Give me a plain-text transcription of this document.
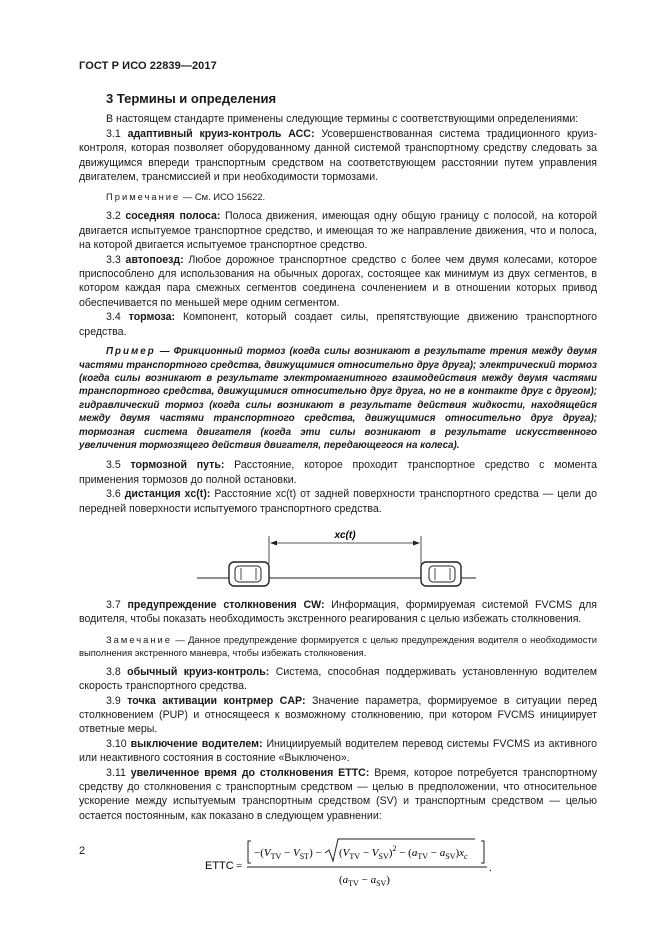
ГОСТ Р ИСО 22839—2017
3 Термины и определения

В настоящем стандарте применены следующие термины с соответствующими определениями:

3.1 адаптивный круиз-контроль АСС: Усовершенствованная система традиционного круиз-контроля, которая позволяет оборудованному данной системой транспортному средству следовать за движущимся впереди транспортным средством на соответствующем расстоянии путем управления двигателем, трансмиссией и при необходимости тормозами.

Примечание — См. ИСО 15622.

3.2 соседняя полоса: Полоса движения, имеющая одну общую границу с полосой, на которой двигается испытуемое транспортное средство, и имеющая то же направление движения, что и полоса, на которой двигается испытуемое транспортное средство.

3.3 автопоезд: Любое дорожное транспортное средство с более чем двумя колесами, которое приспособлено для использования на обычных дорогах, состоящее как минимум из двух сегментов, в котором каждая пара смежных сегментов соединена сочленением и в отношении которых привод обеспечивается по меньшей мере одним сегментом.

3.4 тормоза: Компонент, который создает силы, препятствующие движению транспортного средства.

Пример — Фрикционный тормоз (когда силы возникают в результате трения между двумя частями транспортного средства, движущимися относительно друг друга); электрический тормоз (когда силы возникают в результате электромагнитного взаимодействия между двумя частями транспортного средства, движущимися относительно друг друга, но не в контакте друг с другом); гидравлический тормоз (когда силы возникают в результате действия жидкости, находящейся между двумя частями транспортного средства, движущимися относительно друг друга); тормозная система двигателя (когда эти силы возникают в результате искусственного увеличения тормозящего действия двигателя, передающегося на колеса).

3.5 тормозной путь: Расстояние, которое проходит транспортное средство с момента применения тормозов до полной остановки.

3.6 дистанция xc(t): Расстояние xc(t) от задней поверхности транспортного средства — цели до передней поверхности испытуемого транспортного средства.

xc(t)

3.7 предупреждение столкновения CW: Информация, формируемая системой FVCMS для водителя, чтобы показать необходимость экстренного реагирования с целью избежать столкновения.

Замечание — Данное предупреждение формируется с целью предупреждения водителя о необходимости выполнения экстренного маневра, чтобы избежать столкновения.

3.8 обычный круиз-контроль: Система, способная поддерживать установленную водителем скорость транспортного средства.

3.9 точка активации контрмер CAP: Значение параметра, формируемое в ситуации перед столкновением (PUP) и относящееся к возможному столкновению, при котором FVCMS инициирует ответные меры.

3.10 выключение водителем: Инициируемый водителем перевод системы FVCMS из активного или неактивного состояния в состояние «Выключено».

3.11 увеличенное время до столкновения ETTC: Время, которое потребуется транспортному средству до столкновения с транспортным средством — целью в предположении, что относительное ускорение между испытуемым транспортным средством (SV) и транспортным средством — целью остается постоянным, как показано в следующем уравнении:

ETTC =
$-(V_{TV} - V_{ST}) - (V_{TV} - V_{SV})^2 - (a_{TV} - a_{SV})x_c$
$(a_{TV} - a_{SV})$
.
2
